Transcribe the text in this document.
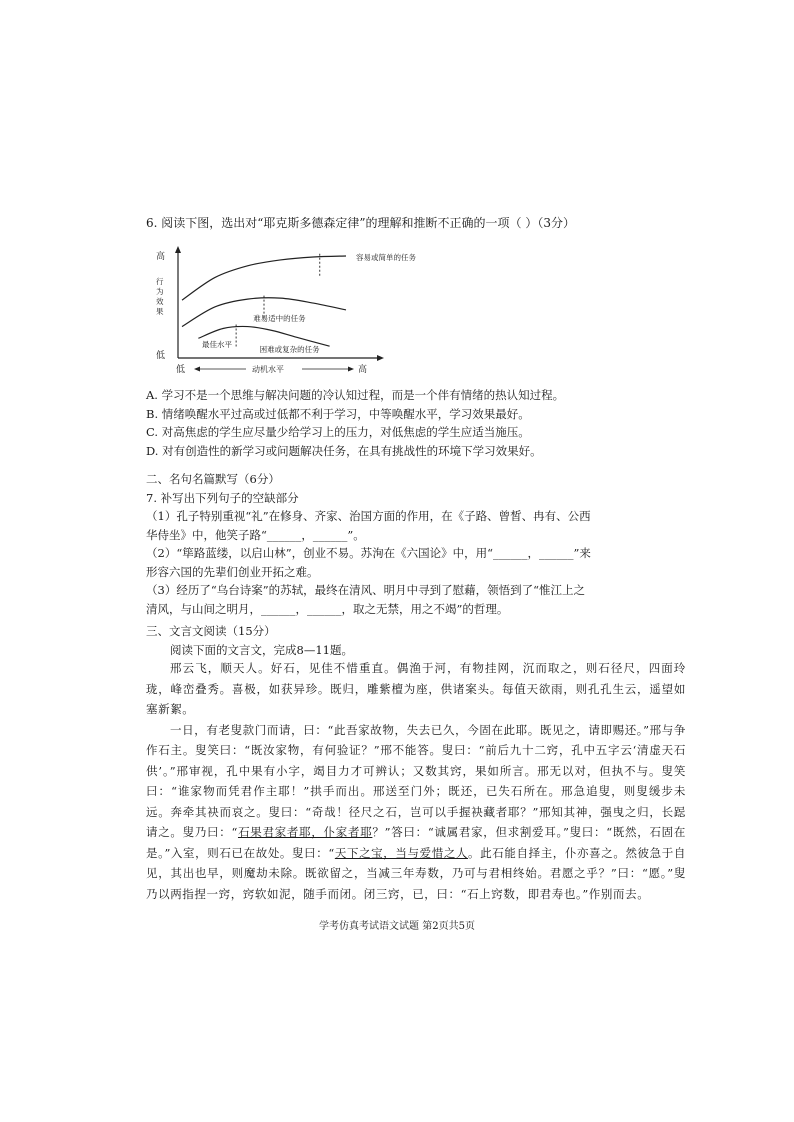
6. 阅读下图，选出对“耶克斯多德森定律”的理解和推断不正确的一项（ ）（3分）
高
低
低	高
动机水平
行为效果
容易或简单的任务
难易适中的任务
困难或复杂的任务
最佳水平
A. 学习不是一个思维与解决问题的冷认知过程，而是一个伴有情绪的热认知过程。
B. 情绪唤醒水平过高或过低都不利于学习，中等唤醒水平，学习效果最好。
C. 对高焦虑的学生应尽量少给学习上的压力，对低焦虑的学生应适当施压。
D. 对有创造性的新学习或问题解决任务，在具有挑战性的环境下学习效果好。
二、名句名篇默写（6分）
7. 补写出下列句子的空缺部分
（1）孔子特别重视“礼”在修身、齐家、治国方面的作用，在《子路、曾皙、冉有、公西
华侍坐》中，他笑子路“______，______”。
（2）“筚路蓝缕，以启山林”，创业不易。苏洵在《六国论》中，用“______，______”来
形容六国的先辈们创业开拓之难。
（3）经历了“乌台诗案”的苏轼，最终在清风、明月中寻到了慰藉，领悟到了“惟江上之
清风，与山间之明月，______，______，取之无禁，用之不竭”的哲理。
三、文言文阅读（15分）
阅读下面的文言文，完成8—11题。

邢云飞，顺天人。好石，见佳不惜重直。偶渔于河，有物挂网，沉而取之，则石径尺，四面玲珑，峰峦叠秀。喜极，如获异珍。既归，雕紫檀为座，供诸案头。每值天欲雨，则孔孔生云，遥望如塞新絮。

一日，有老叟款门而请，曰：“此吾家故物，失去已久，今固在此耶。既见之，请即赐还。”邢与争作石主。叟笑曰：“既汝家物，有何验证？”邢不能答。叟曰：“前后九十二窍，孔中五字云‘清虚天石供’。”邢审视，孔中果有小字，竭目力才可辨认；又数其窍，果如所言。邢无以对，但执不与。叟笑曰：“谁家物而凭君作主耶！”拱手而出。邢送至门外；既还，已失石所在。邢急追叟，则叟缓步未远。奔牵其袂而哀之。叟曰：“奇哉！径尺之石，岂可以手握袂藏者耶？”邢知其神，强曳之归，长跽请之。叟乃曰：“石果君家者耶，仆家者耶？”答曰：“诚属君家，但求割爱耳。”叟曰：“既然，石固在是。”入室，则石已在故处。叟曰：“天下之宝，当与爱惜之人。此石能自择主，仆亦喜之。然彼急于自见，其出也早，则魔劫未除。既欲留之，当减三年寿数，乃可与君相终始。君愿之乎？”曰：“愿。”叟乃以两指捏一窍，窍软如泥，随手而闭。闭三窍，已，曰：“石上窍数，即君寿也。”作别而去。

学考仿真考试语文试题 第2页共5页
